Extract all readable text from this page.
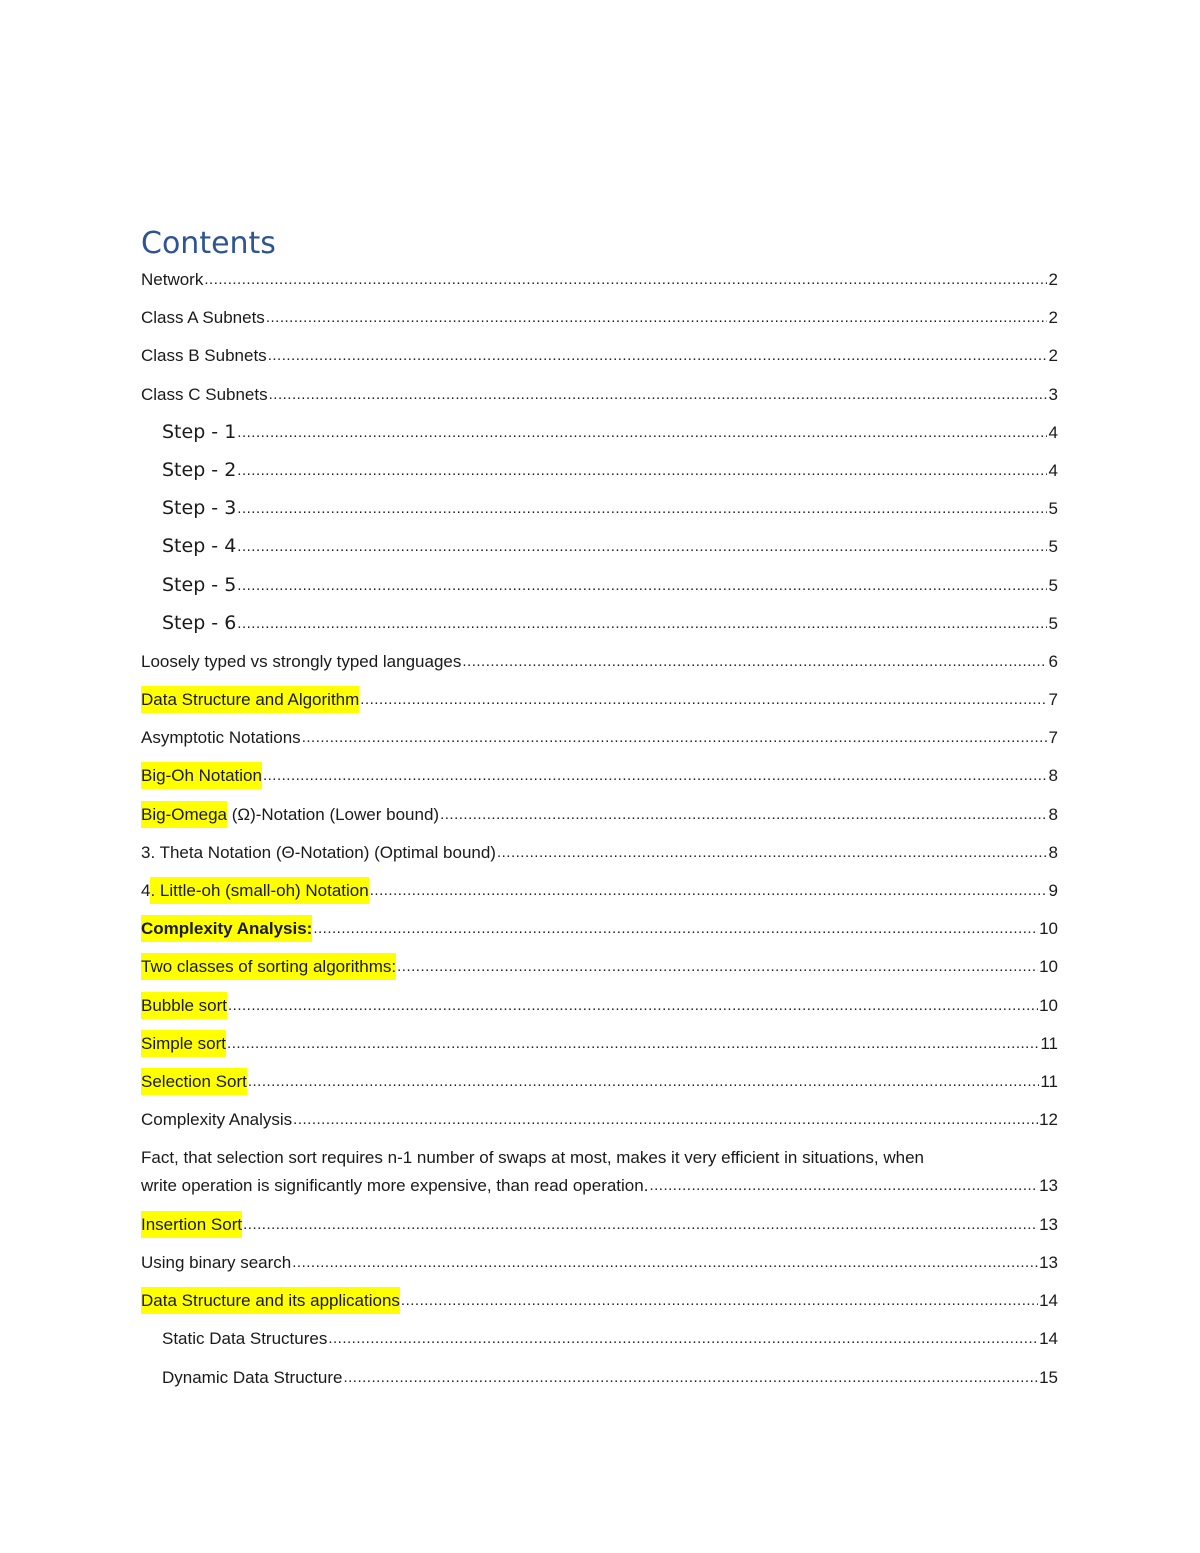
Contents
Network .....	2
Class A Subnets .....	2
Class B Subnets .....	2
Class C Subnets .....	3
Step - 1 .....	4
Step - 2 .....	4
Step - 3 .....	5
Step - 4 .....	5
Step - 5 .....	5
Step - 6 .....	5
Loosely typed vs strongly typed languages .....	6
Data Structure and Algorithm .....	7
Asymptotic Notations .....	7
Big-Oh Notation .....	8
Big-Omega (Ω)-Notation (Lower bound) .....	8
3. Theta Notation (Θ-Notation) (Optimal bound) .....	8
4 . Little-oh (small-oh) Notation .....	9
Complexity Analysis: .....	10
Two classes of sorting algorithms: .....	10
Bubble sort .....	10
Simple sort .....	11
Selection Sort .....	11
Complexity Analysis .....	12
Fact, that selection sort requires n-1 number of swaps at most, makes it very efficient in situations, when
write operation is significantly more expensive, than read operation. .....	13
Insertion Sort .....	13
Using binary search .....	13
Data Structure and its applications .....	14
Static Data Structures .....	14
Dynamic Data Structure .....	15
